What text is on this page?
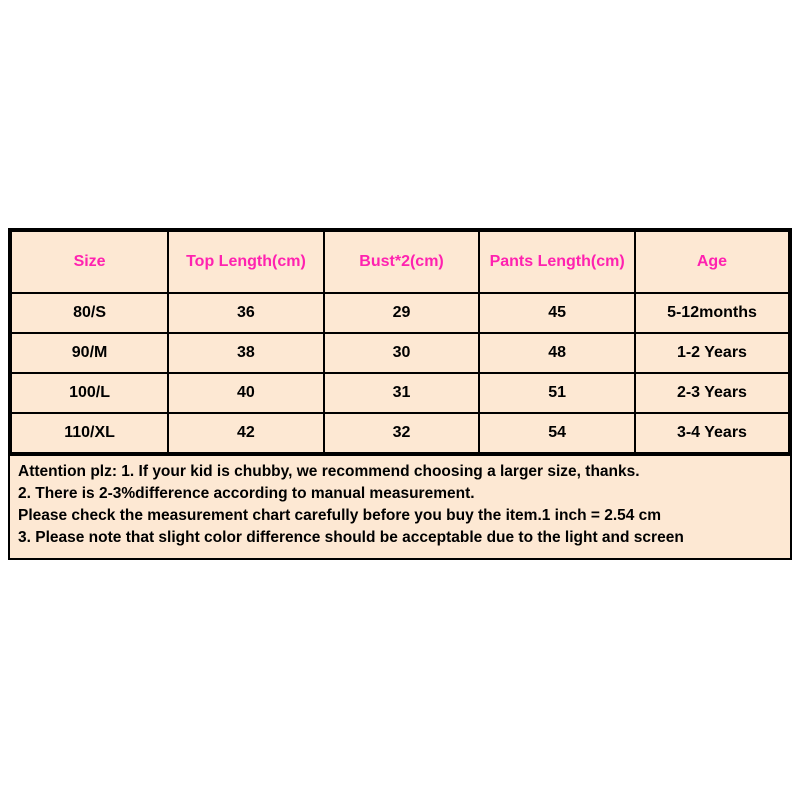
Size	Top Length(cm)	Bust*2(cm)	Pants Length(cm)	Age
80/S	36	29	45	5-12months
90/M	38	30	48	1-2 Years
100/L	40	31	51	2-3 Years
110/XL	42	32	54	3-4 Years

Attention plz: 1. If your kid is chubby, we recommend choosing a larger size, thanks.

2. There is 2-3%difference according to manual measurement.

Please check the measurement chart carefully before you buy the item.1 inch = 2.54 cm

3. Please note that slight color difference should be acceptable due to the light and screen
